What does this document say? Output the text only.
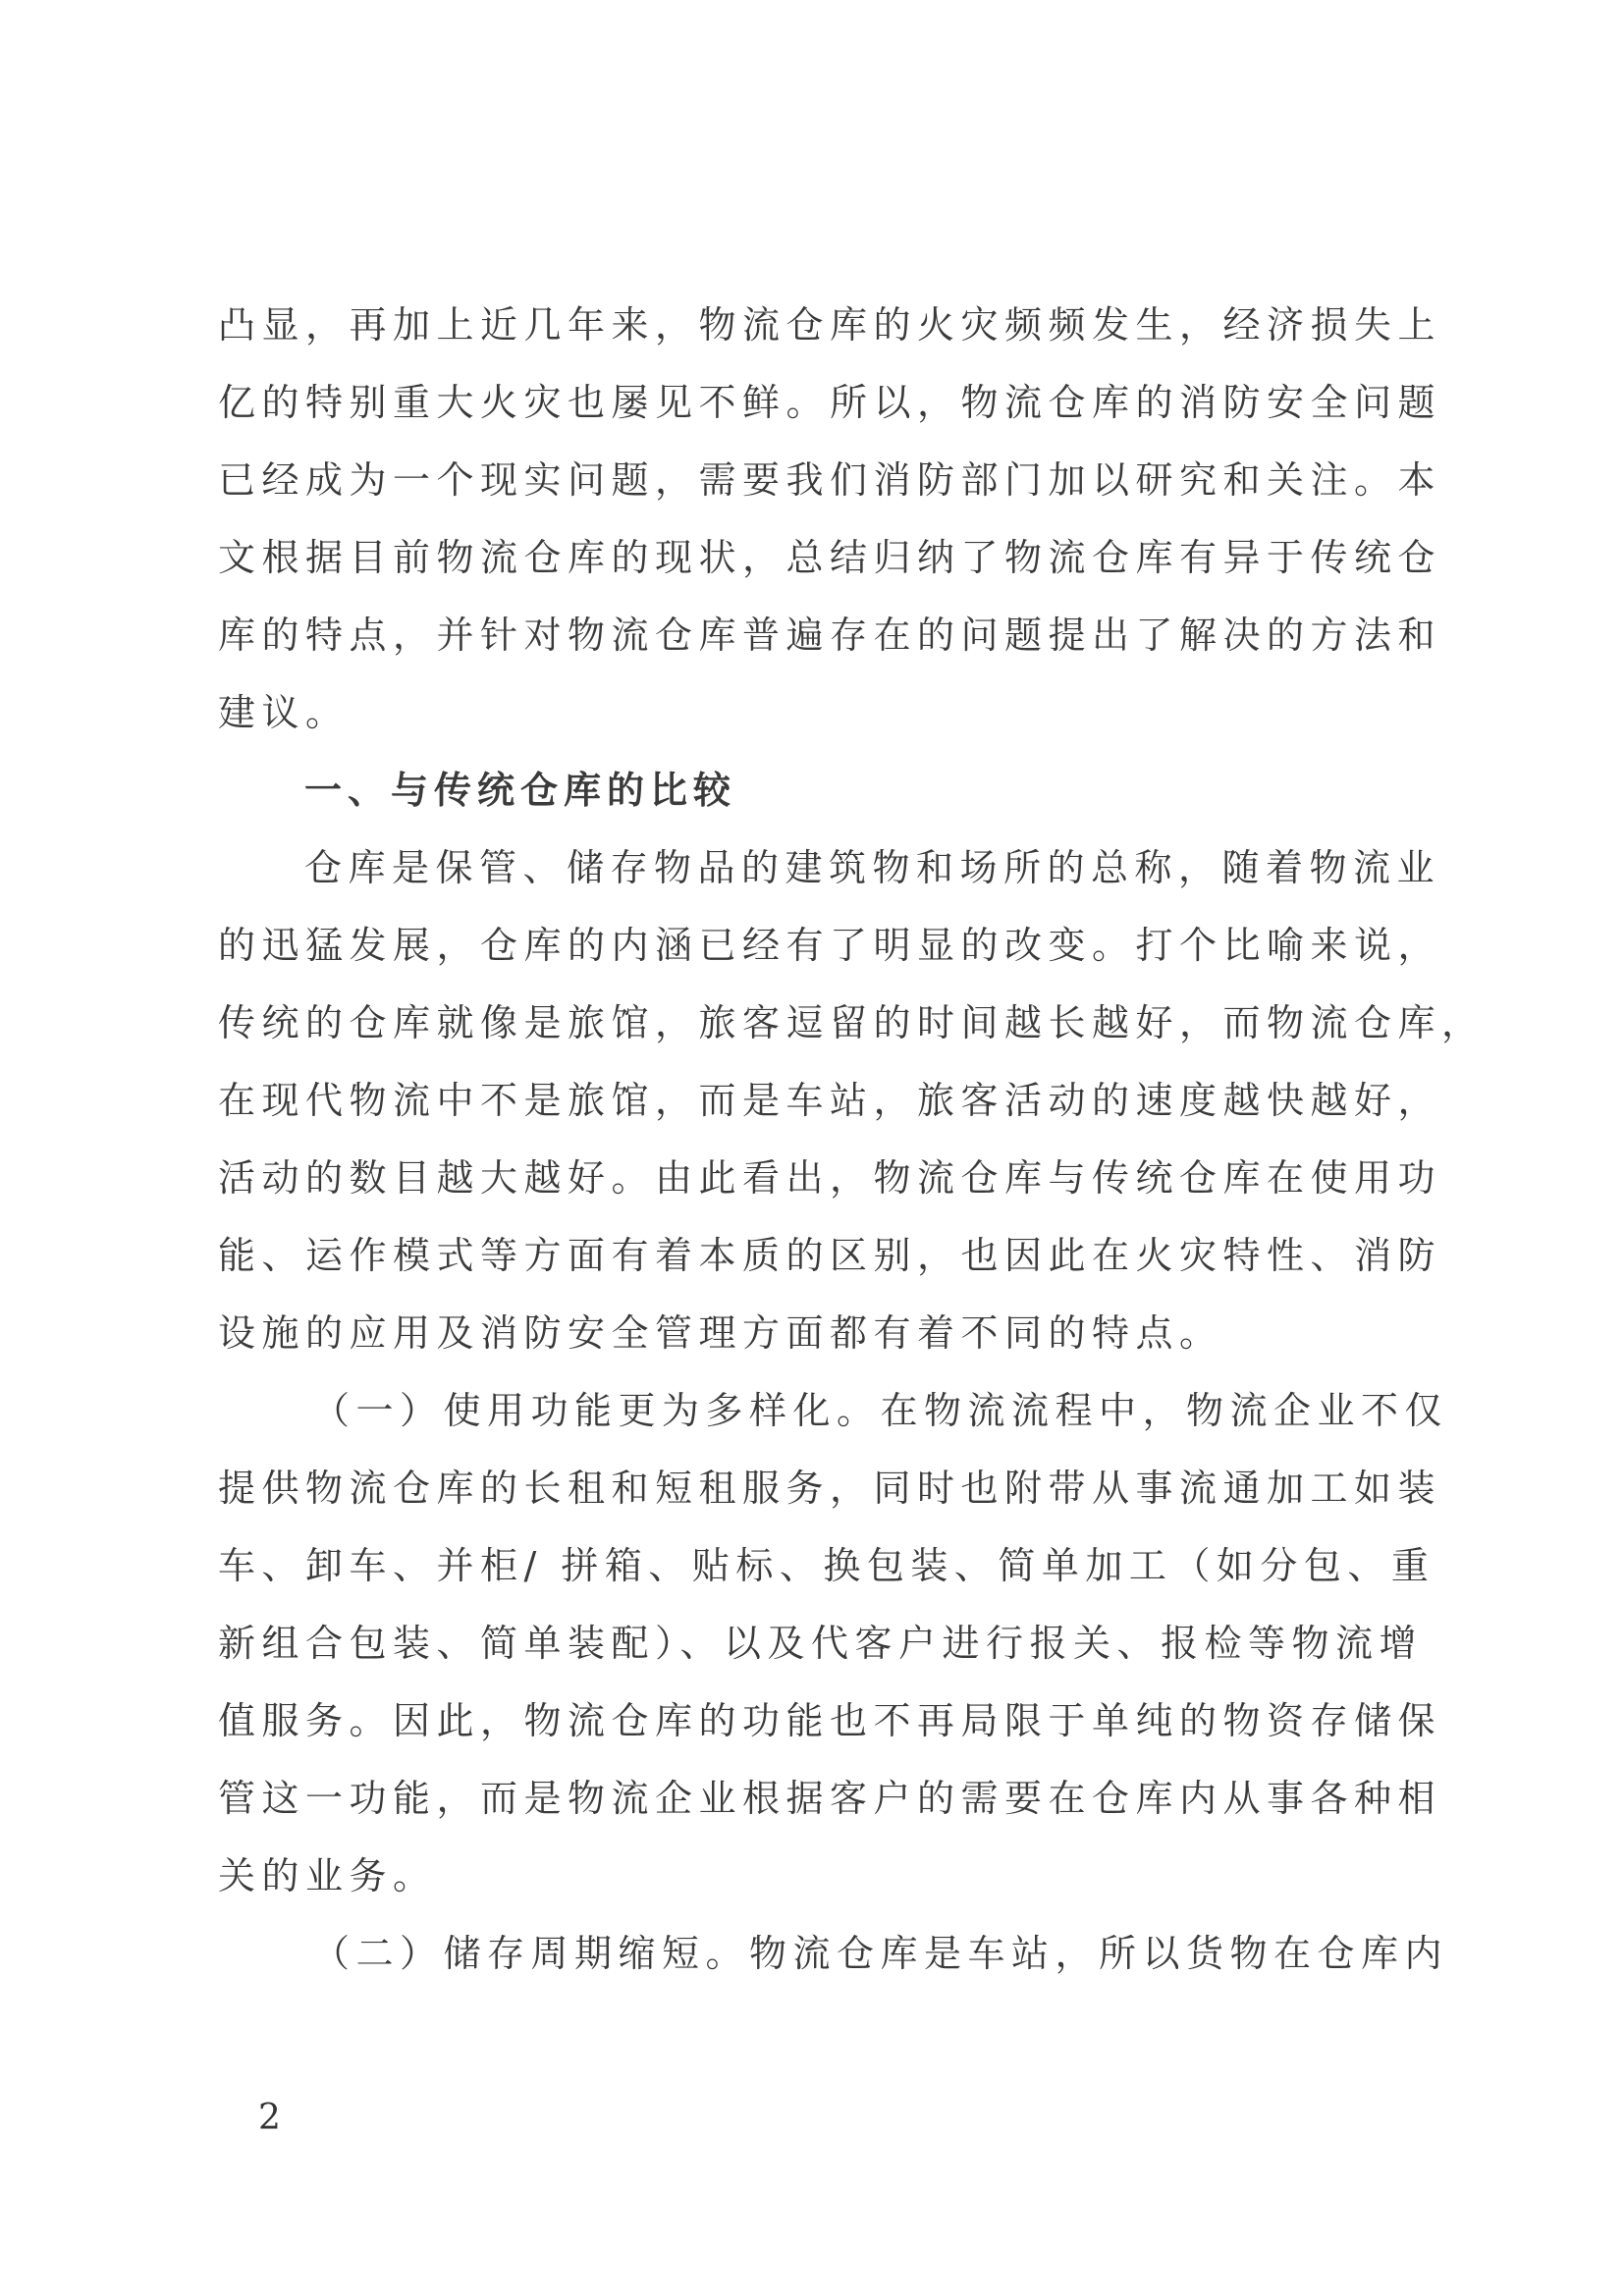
凸显，再加上近几年来，物流仓库的火灾频频发生，经济损失上
亿的特别重大火灾也屡见不鲜。所以，物流仓库的消防安全问题
已经成为一个现实问题，需要我们消防部门加以研究和关注。本
文根据目前物流仓库的现状，总结归纳了物流仓库有异于传统仓
库的特点，并针对物流仓库普遍存在的问题提出了解决的方法和
建议。
一、与传统仓库的比较
仓库是保管、储存物品的建筑物和场所的总称，随着物流业
的迅猛发展，仓库的内涵已经有了明显的改变。打个比喻来说，
传统的仓库就像是旅馆，旅客逗留的时间越长越好，而物流仓库，
在现代物流中不是旅馆，而是车站，旅客活动的速度越快越好，
活动的数目越大越好。由此看出，物流仓库与传统仓库在使用功
能、运作模式等方面有着本质的区别，也因此在火灾特性、消防
设施的应用及消防安全管理方面都有着不同的特点。
（一）使用功能更为多样化。在物流流程中，物流企业不仅
提供物流仓库的长租和短租服务，同时也附带从事流通加工如装
车、卸车、并柜/ 拼箱、贴标、换包装、简单加工（如分包、重
新组合包装、简单装配）、以及代客户进行报关、报检等物流增
值服务。因此，物流仓库的功能也不再局限于单纯的物资存储保
管这一功能，而是物流企业根据客户的需要在仓库内从事各种相
关的业务。
（二）储存周期缩短。物流仓库是车站，所以货物在仓库内
2
